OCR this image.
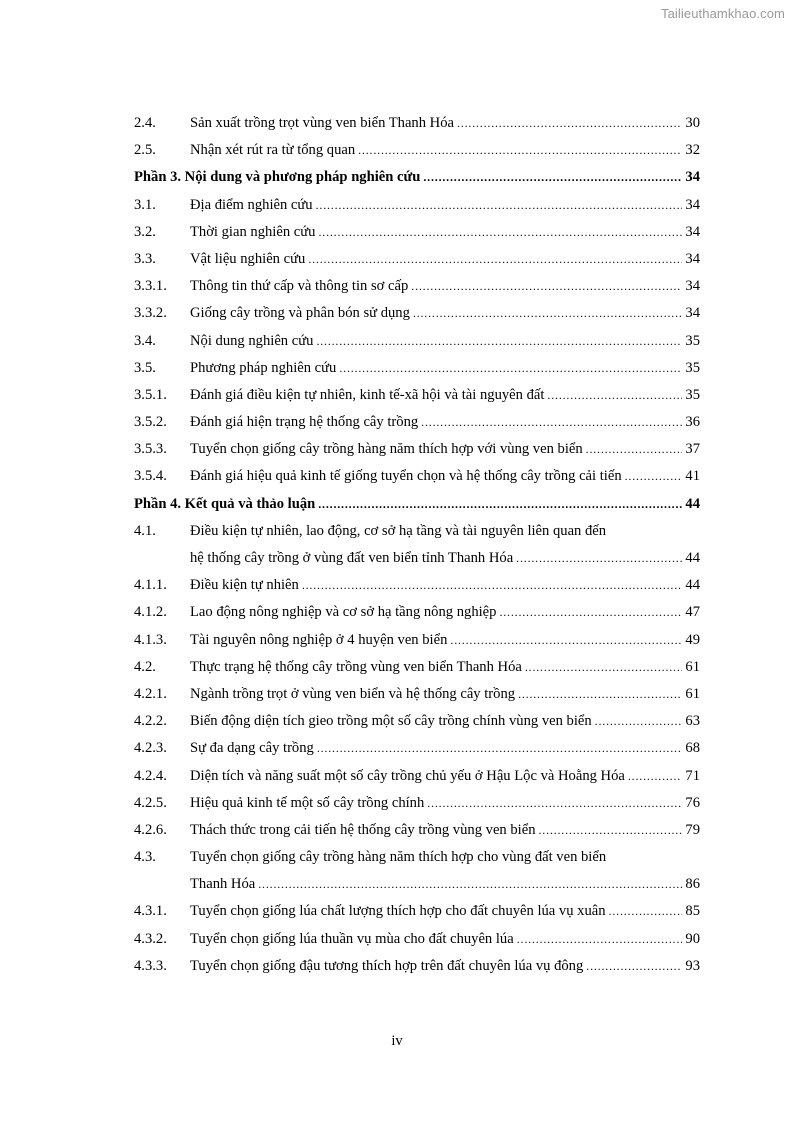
Tailieuthamkhao.com
2.4.	Sản xuất trồng trọt vùng ven biển Thanh Hóa .....	30
2.5.	Nhận xét rút ra từ tổng quan .....	32
Phần 3. Nội dung và phương pháp nghiên cứu .....	34
3.1.	Địa điểm nghiên cứu .....	34
3.2.	Thời gian nghiên cứu .....	34
3.3.	Vật liệu nghiên cứu .....	34
3.3.1.	Thông tin thứ cấp và thông tin sơ cấp .....	34
3.3.2.	Giống cây trồng và phân bón sử dụng .....	34
3.4.	Nội dung nghiên cứu .....	35
3.5.	Phương pháp nghiên cứu .....	35
3.5.1.	Đánh giá điều kiện tự nhiên, kinh tế-xã hội và tài nguyên đất .....	35
3.5.2.	Đánh giá hiện trạng hệ thống cây trồng .....	36
3.5.3.	Tuyển chọn giống cây trồng hàng năm thích hợp với vùng ven biển .....	37
3.5.4.	Đánh giá hiệu quả kinh tế giống tuyển chọn và hệ thống cây trồng cải tiến .....	41
Phần 4. Kết quả và thảo luận .....	44
4.1.	Điều kiện tự nhiên, lao động, cơ sở hạ tầng và tài nguyên liên quan đến
hệ thống cây trồng ở vùng đất ven biển tỉnh Thanh Hóa .....	44
4.1.1.	Điều kiện tự nhiên .....	44
4.1.2.	Lao động nông nghiệp và cơ sở hạ tầng nông nghiệp .....	47
4.1.3.	Tài nguyên nông nghiệp ở 4 huyện ven biển .....	49
4.2.	Thực trạng hệ thống cây trồng vùng ven biển Thanh Hóa .....	61
4.2.1.	Ngành trồng trọt ở vùng ven biển và hệ thống cây trồng .....	61
4.2.2.	Biến động diện tích gieo trồng một số cây trồng chính vùng ven biển .....	63
4.2.3.	Sự đa dạng cây trồng .....	68
4.2.4.	Diện tích và năng suất một số cây trồng chủ yếu ở Hậu Lộc và Hoằng Hóa .....	71
4.2.5.	Hiệu quả kinh tế một số cây trồng chính .....	76
4.2.6.	Thách thức trong cải tiến hệ thống cây trồng vùng ven biển .....	79
4.3.	Tuyển chọn giống cây trồng hàng năm thích hợp cho vùng đất ven biển
Thanh Hóa .....	86
4.3.1.	Tuyển chọn giống lúa chất lượng thích hợp cho đất chuyên lúa vụ xuân .....	85
4.3.2.	Tuyển chọn giống lúa thuần vụ mùa cho đất chuyên lúa .....	90
4.3.3.	Tuyển chọn giống đậu tương thích hợp trên đất chuyên lúa vụ đông .....	93
iv
